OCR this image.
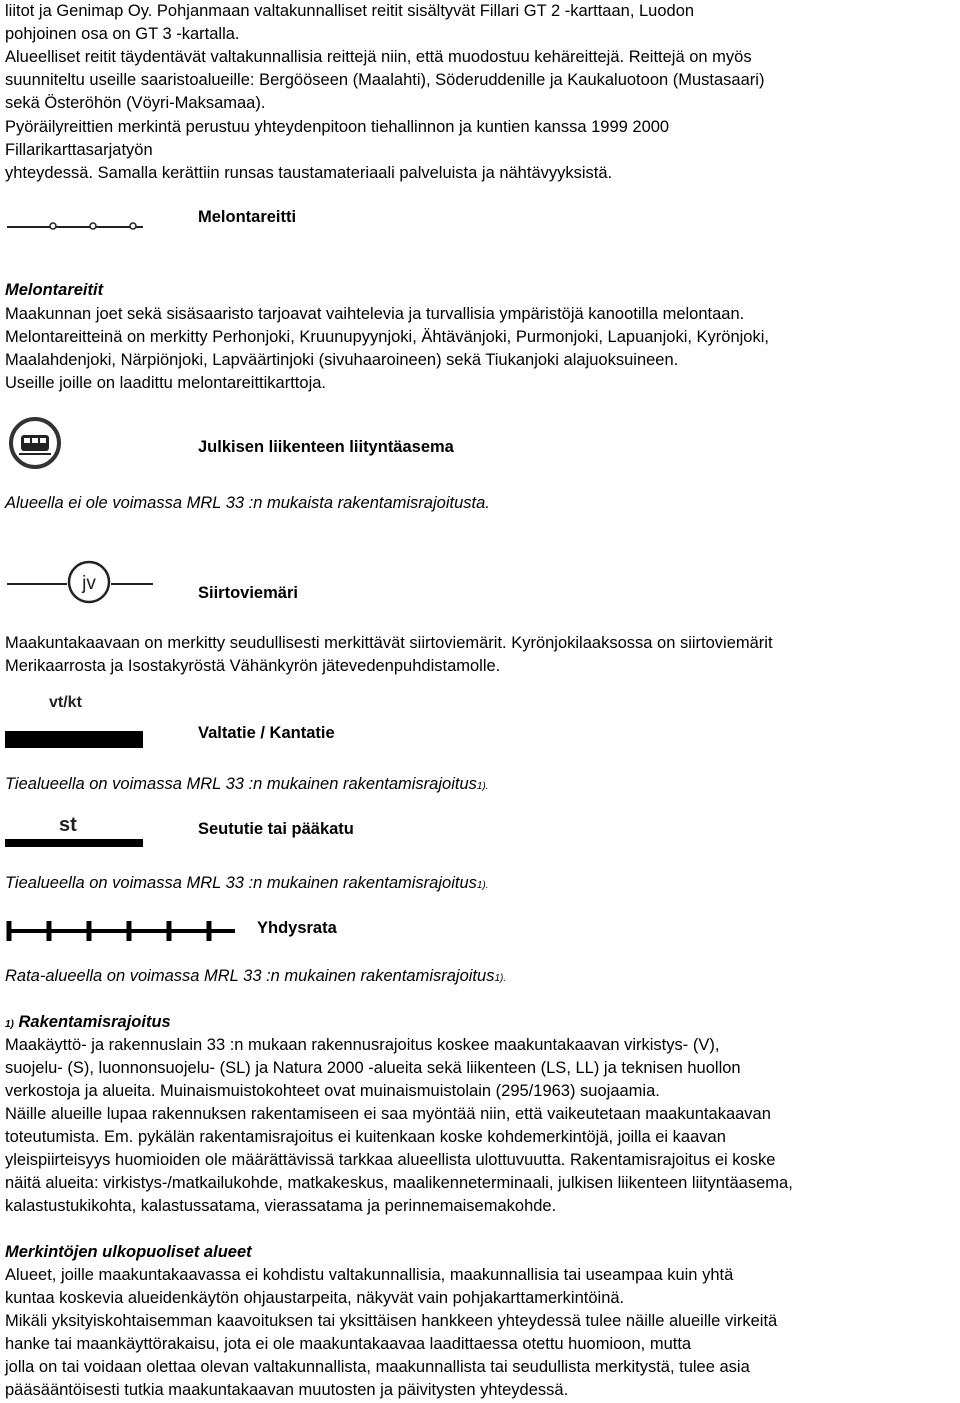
liitot ja Genimap Oy. Pohjanmaan valtakunnalliset reitit sisältyvät Fillari GT 2 -karttaan, Luodon
pohjoinen osa on GT 3 -kartalla.
Alueelliset reitit täydentävät valtakunnallisia reittejä niin, että muodostuu kehäreittejä. Reittejä on myös
suunniteltu useille saaristoalueille: Bergööseen (Maalahti), Söderuddenille ja Kaukaluotoon (Mustasaari)
sekä Österöhön (Vöyri-Maksamaa).
Pyöräilyreittien merkintä perustuu yhteydenpitoon tiehallinnon ja kuntien kanssa 1999 2000
Fillarikarttasarjatyön
yhteydessä. Samalla kerättiin runsas taustamateriaali palveluista ja nähtävyyksistä.
Melontareitti
Melontareitit
Maakunnan joet sekä sisäsaaristo tarjoavat vaihtelevia ja turvallisia ympäristöjä kanootilla melontaan.
Melontareitteinä on merkitty Perhonjoki, Kruunupyynjoki, Ähtävänjoki, Purmonjoki, Lapuanjoki, Kyrönjoki,
Maalahdenjoki, Närpiönjoki, Lapväärtinjoki (sivuhaaroineen) sekä Tiukanjoki alajuoksuineen.
Useille joille on laadittu melontareittikarttoja.
Julkisen liikenteen liityntäasema
Alueella ei ole voimassa MRL 33 :n mukaista rakentamisrajoitusta.
jv	Siirtoviemäri
Maakuntakaavaan on merkitty seudullisesti merkittävät siirtoviemärit. Kyrönjokilaaksossa on siirtoviemärit
Merikaarrosta ja Isostakyröstä Vähänkyrön jätevedenpuhdistamolle.
vt/kt
Valtatie / Kantatie
Tiealueella on voimassa MRL 33 :n mukainen rakentamisrajoitus1).
st	Seututie tai pääkatu
Tiealueella on voimassa MRL 33 :n mukainen rakentamisrajoitus1).
Yhdysrata
Rata-alueella on voimassa MRL 33 :n mukainen rakentamisrajoitus1).
1) Rakentamisrajoitus
Maakäyttö- ja rakennuslain 33 :n mukaan rakennusrajoitus koskee maakuntakaavan virkistys- (V),
suojelu- (S), luonnonsuojelu- (SL) ja Natura 2000 -alueita sekä liikenteen (LS, LL) ja teknisen huollon
verkostoja ja alueita. Muinaismuistokohteet ovat muinaismuistolain (295/1963) suojaamia.
Näille alueille lupaa rakennuksen rakentamiseen ei saa myöntää niin, että vaikeutetaan maakuntakaavan
toteutumista. Em. pykälän rakentamisrajoitus ei kuitenkaan koske kohdemerkintöjä, joilla ei kaavan
yleispiirteisyys huomioiden ole määrättävissä tarkkaa alueellista ulottuvuutta. Rakentamisrajoitus ei koske
näitä alueita: virkistys-/matkailukohde, matkakeskus, maalikenneterminaali, julkisen liikenteen liityntäasema,
kalastustukikohta, kalastussatama, vierassatama ja perinnemaisemakohde.
Merkintöjen ulkopuoliset alueet
Alueet, joille maakuntakaavassa ei kohdistu valtakunnallisia, maakunnallisia tai useampaa kuin yhtä
kuntaa koskevia alueidenkäytön ohjaustarpeita, näkyvät vain pohjakarttamerkintöinä.
Mikäli yksityiskohtaisemman kaavoituksen tai yksittäisen hankkeen yhteydessä tulee näille alueille virkeitä
hanke tai maankäyttörakaisu, jota ei ole maakuntakaavaa laadittaessa otettu huomioon, mutta
jolla on tai voidaan olettaa olevan valtakunnallista, maakunnallista tai seudullista merkitystä, tulee asia
pääsääntöisesti tutkia maakuntakaavan muutosten ja päivitysten yhteydessä.
